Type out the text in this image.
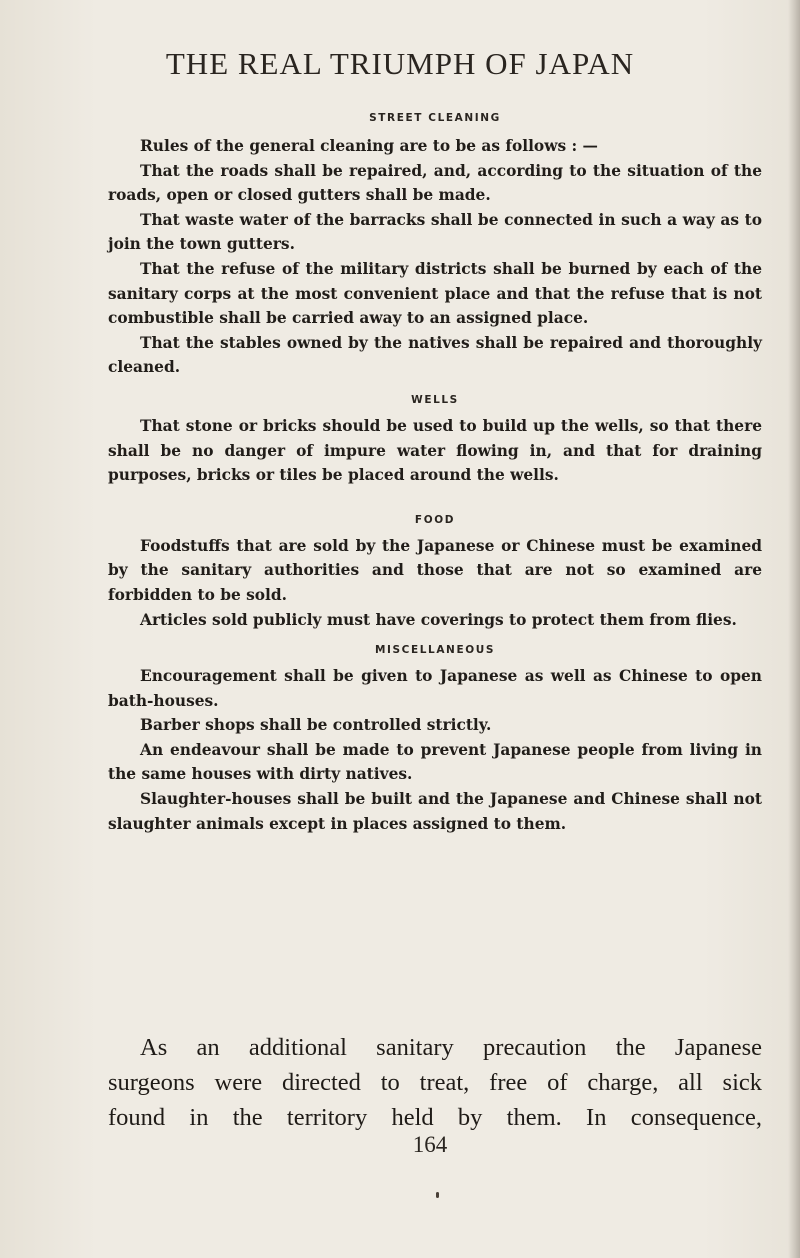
THE REAL TRIUMPH OF JAPAN
STREET CLEANING

Rules of the general cleaning are to be as follows : —

That the roads shall be repaired, and, according to the situation of the roads, open or closed gutters shall be made.

That waste water of the barracks shall be connected in such a way as to join the town gutters.

That the refuse of the military districts shall be burned by each of the sanitary corps at the most convenient place and that the refuse that is not combustible shall be carried away to an assigned place.

That the stables owned by the natives shall be repaired and thoroughly cleaned.

WELLS

That stone or bricks should be used to build up the wells, so that there shall be no danger of impure water flowing in, and that for draining purposes, bricks or tiles be placed around the wells.

FOOD

Foodstuffs that are sold by the Japanese or Chinese must be examined by the sanitary authorities and those that are not so examined are forbidden to be sold.

Articles sold publicly must have coverings to protect them from flies.

MISCELLANEOUS

Encouragement shall be given to Japanese as well as Chinese to open bath-houses.

Barber shops shall be controlled strictly.

An endeavour shall be made to prevent Japanese people from living in the same houses with dirty natives.

Slaughter-houses shall be built and the Japanese and Chinese shall not slaughter animals except in places assigned to them.

As an additional sanitary precaution the Japanese
surgeons were directed to treat, free of charge, all sick
found in the territory held by them. In consequence,
164
